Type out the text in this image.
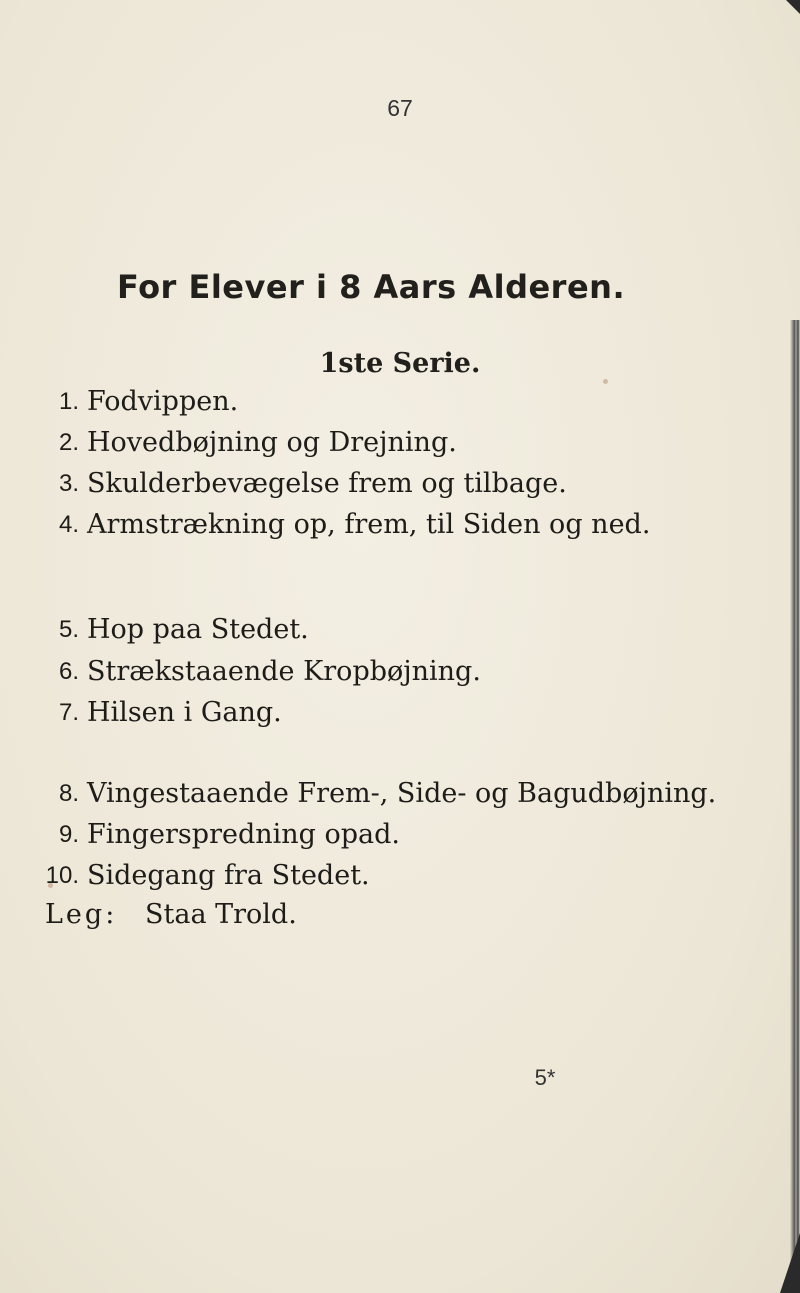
67
For Elever i 8 Aars Alderen.
1ste Serie.
1. Fodvippen.
2. Hovedbøjning og Drejning.
3. Skulderbevægelse frem og tilbage.
4. Armstrækning op, frem, til Siden og ned.
5. Hop paa Stedet.
6. Strækstaaende Kropbøjning.
7. Hilsen i Gang.
8. Vingestaaende Frem-, Side- og Bagudbøjning.
9. Fingerspredning opad.
10. Sidegang fra Stedet.
Leg: Staa Trold.
5*
